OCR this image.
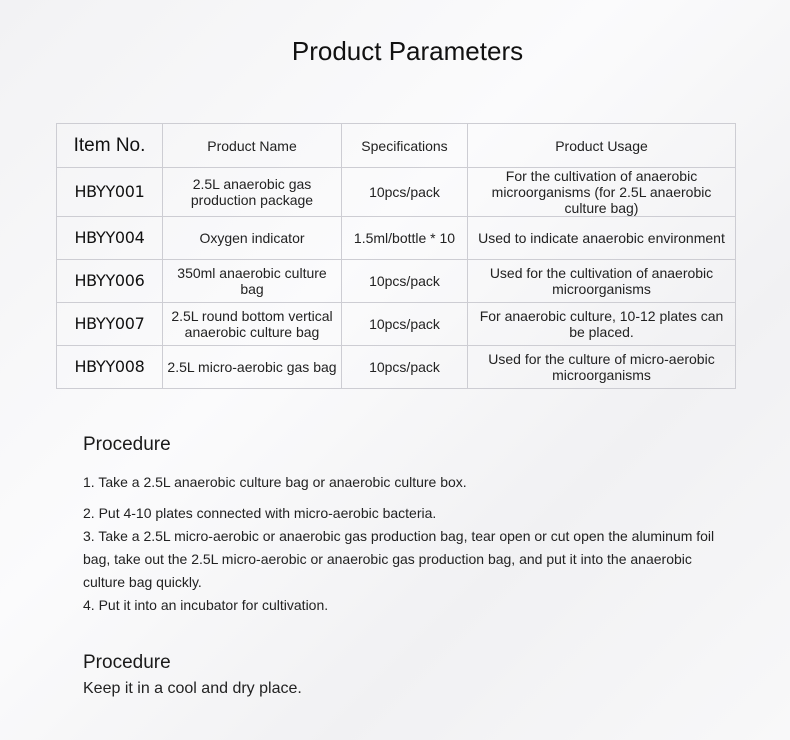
Product Parameters
Item No.	Product Name	Specifications	Product Usage
HBYY001	2.5L anaerobic gas production package	10pcs/pack	For the cultivation of anaerobic microorganisms (for 2.5L anaerobic culture bag)
HBYY004	Oxygen indicator	1.5ml/bottle * 10	Used to indicate anaerobic environment
HBYY006	350ml anaerobic culture bag	10pcs/pack	Used for the cultivation of anaerobic microorganisms
HBYY007	2.5L round bottom vertical anaerobic culture bag	10pcs/pack	For anaerobic culture, 10-12 plates can be placed.
HBYY008	2.5L micro-aerobic gas bag	10pcs/pack	Used for the culture of micro-aerobic microorganisms
Procedure

1. Take a 2.5L anaerobic culture bag or anaerobic culture box.

2. Put 4-10 plates connected with micro-aerobic bacteria.

3. Take a 2.5L micro-aerobic or anaerobic gas production bag, tear open or cut open the aluminum foil bag, take out the 2.5L micro-aerobic or anaerobic gas production bag, and put it into the anaerobic culture bag quickly.

4. Put it into an incubator for cultivation.

Procedure
Keep it in a cool and dry place.
